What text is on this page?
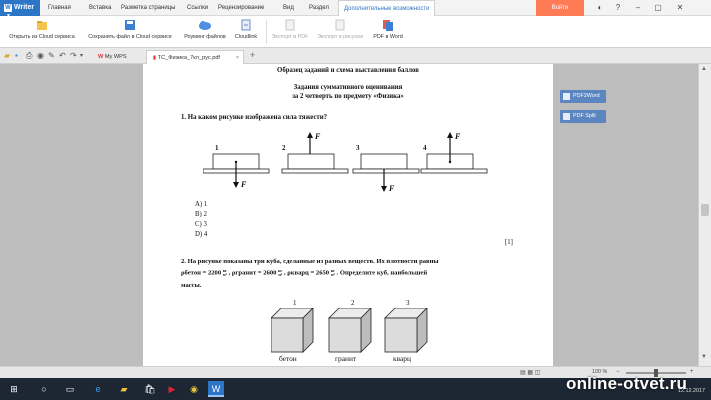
W Writer	Главная	Вставка Разметка страницы Ссылки Рецензирование	Вид	Раздел	Дополнительные возможности	Войти	◐	?	–	▢	✕
Открыть из Cloud сервиса	Сохранить файл в Cloud сервисе	Роуминг файлов	Cloudlink	Экспорт в PDF	Экспорт в рисунок	PDF в Word
▰ ▪ ⎙ ◉ ✎ ↶ ↷ ▾	W My WPS	▮ ТС_Физика_7кл_рус.pdf	× +
Образец заданий и схема выставления баллов
Задания суммативного оценивания
за 2 четверть по предмету «Физика»
1. На каком рисунке изображена сила тяжести?
1	2	3	4
F
F
F
F
A) 1
B) 2
C) 3
D) 4
[1]
2. На рисунке показаны три куба, сделанные из разных веществ. Их плотности равны
ρбетон = 2200 кг
м³ , ρгранит = 2600 кг
м³ , ρкварц = 2650 кг
м³ . Определите куб, наибольшей
массы.
1	2	3
бетон	гранит	кварц
PDF2Word
PDF Split
▲
▼
▤ ▦ ◫	100 % −	+
⊞	○	▭	e	▰	🛍	▶	◉	W	online-otvet.ru
12.12.2017
